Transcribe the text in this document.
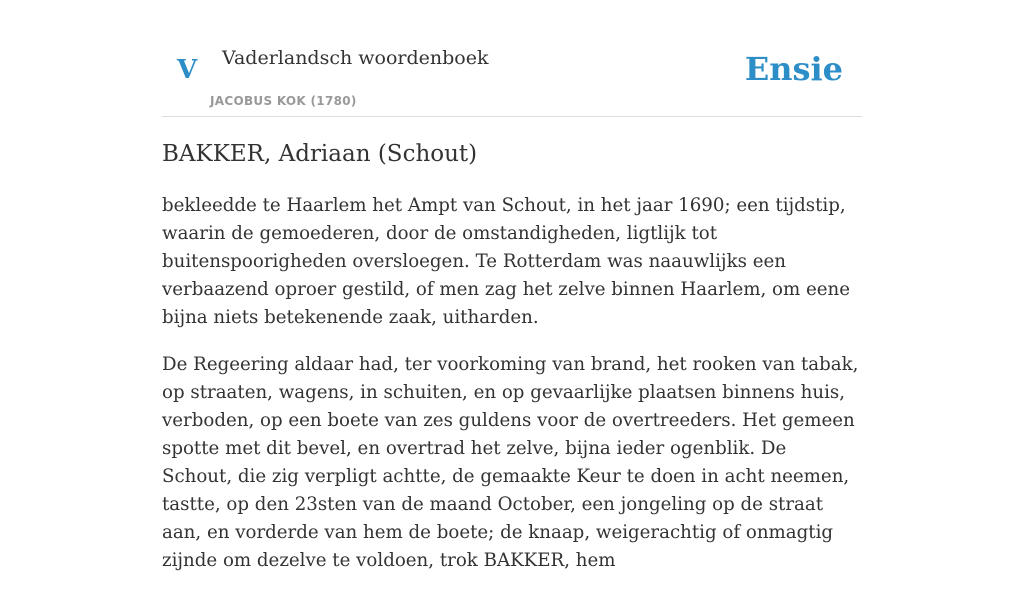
V Vaderlandsch woordenboek
JACOBUS KOK (1780)
Ensie
BAKKER, Adriaan (Schout)

bekleedde te Haarlem het Ampt van Schout, in het jaar 1690; een tijdstip, waarin de gemoederen, door de omstandigheden, ligtlijk tot buitenspoorigheden oversloegen. Te Rotterdam was naauwlijks een verbaazend oproer gestild, of men zag het zelve binnen Haarlem, om eene bijna niets betekenende zaak, uitharden.

De Regeering aldaar had, ter voorkoming van brand, het rooken van tabak, op straaten, wagens, in schuiten, en op gevaarlijke plaatsen binnens huis, verboden, op een boete van zes guldens voor de overtreeders. Het gemeen spotte met dit bevel, en overtrad het zelve, bijna ieder ogenblik. De Schout, die zig verpligt achtte, de gemaakte Keur te doen in acht neemen, tastte, op den 23sten van de maand October, een jongeling op de straat aan, en vorderde van hem de boete; de knaap, weigerachtig of onmagtig zijnde om dezelve te voldoen, trok BAKKER, hem
